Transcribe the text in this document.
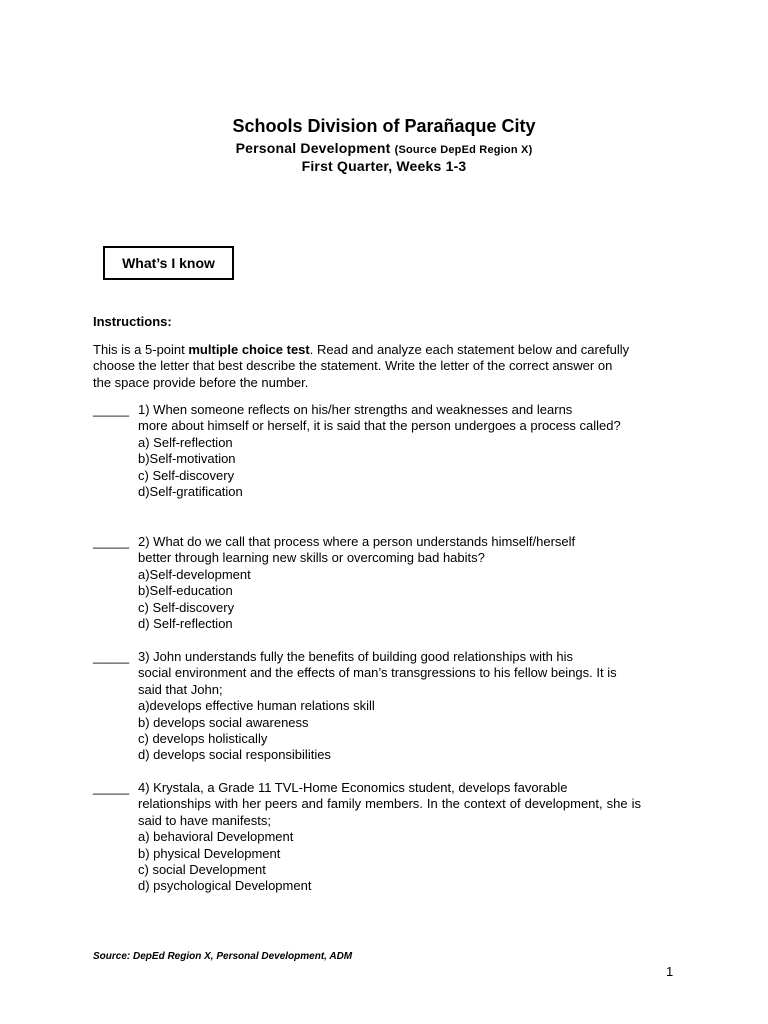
Schools Division of Parañaque City
Personal Development (Source DepEd Region X)
First Quarter, Weeks 1-3
What’s I know
Instructions:
This is a 5-point multiple choice test. Read and analyze each statement below and carefully choose the letter that best describe the statement. Write the letter of the correct answer on the space provide before the number.
_____ 1) When someone reflects on his/her strengths and weaknesses and learns
more about himself or herself, it is said that the person undergoes a process called?
a) Self-reflection
b)Self-motivation
c) Self-discovery
d)Self-gratification
_____ 2) What do we call that process where a person understands himself/herself
better through learning new skills or overcoming bad habits?
a)Self-development
b)Self-education
c) Self-discovery
d) Self-reflection
_____ 3) John understands fully the benefits of building good relationships with his
social environment and the effects of man’s transgressions to his fellow beings. It is said that John;
a)develops effective human relations skill
b) develops social awareness
c) develops holistically
d) develops social responsibilities
_____ 4) Krystala, a Grade 11 TVL-Home Economics student, develops favorable
relationships with her peers and family members. In the context of development, she is said to have manifests;
a) behavioral Development
b) physical Development
c) social Development
d) psychological Development
Source: DepEd Region X, Personal Development, ADM
1
